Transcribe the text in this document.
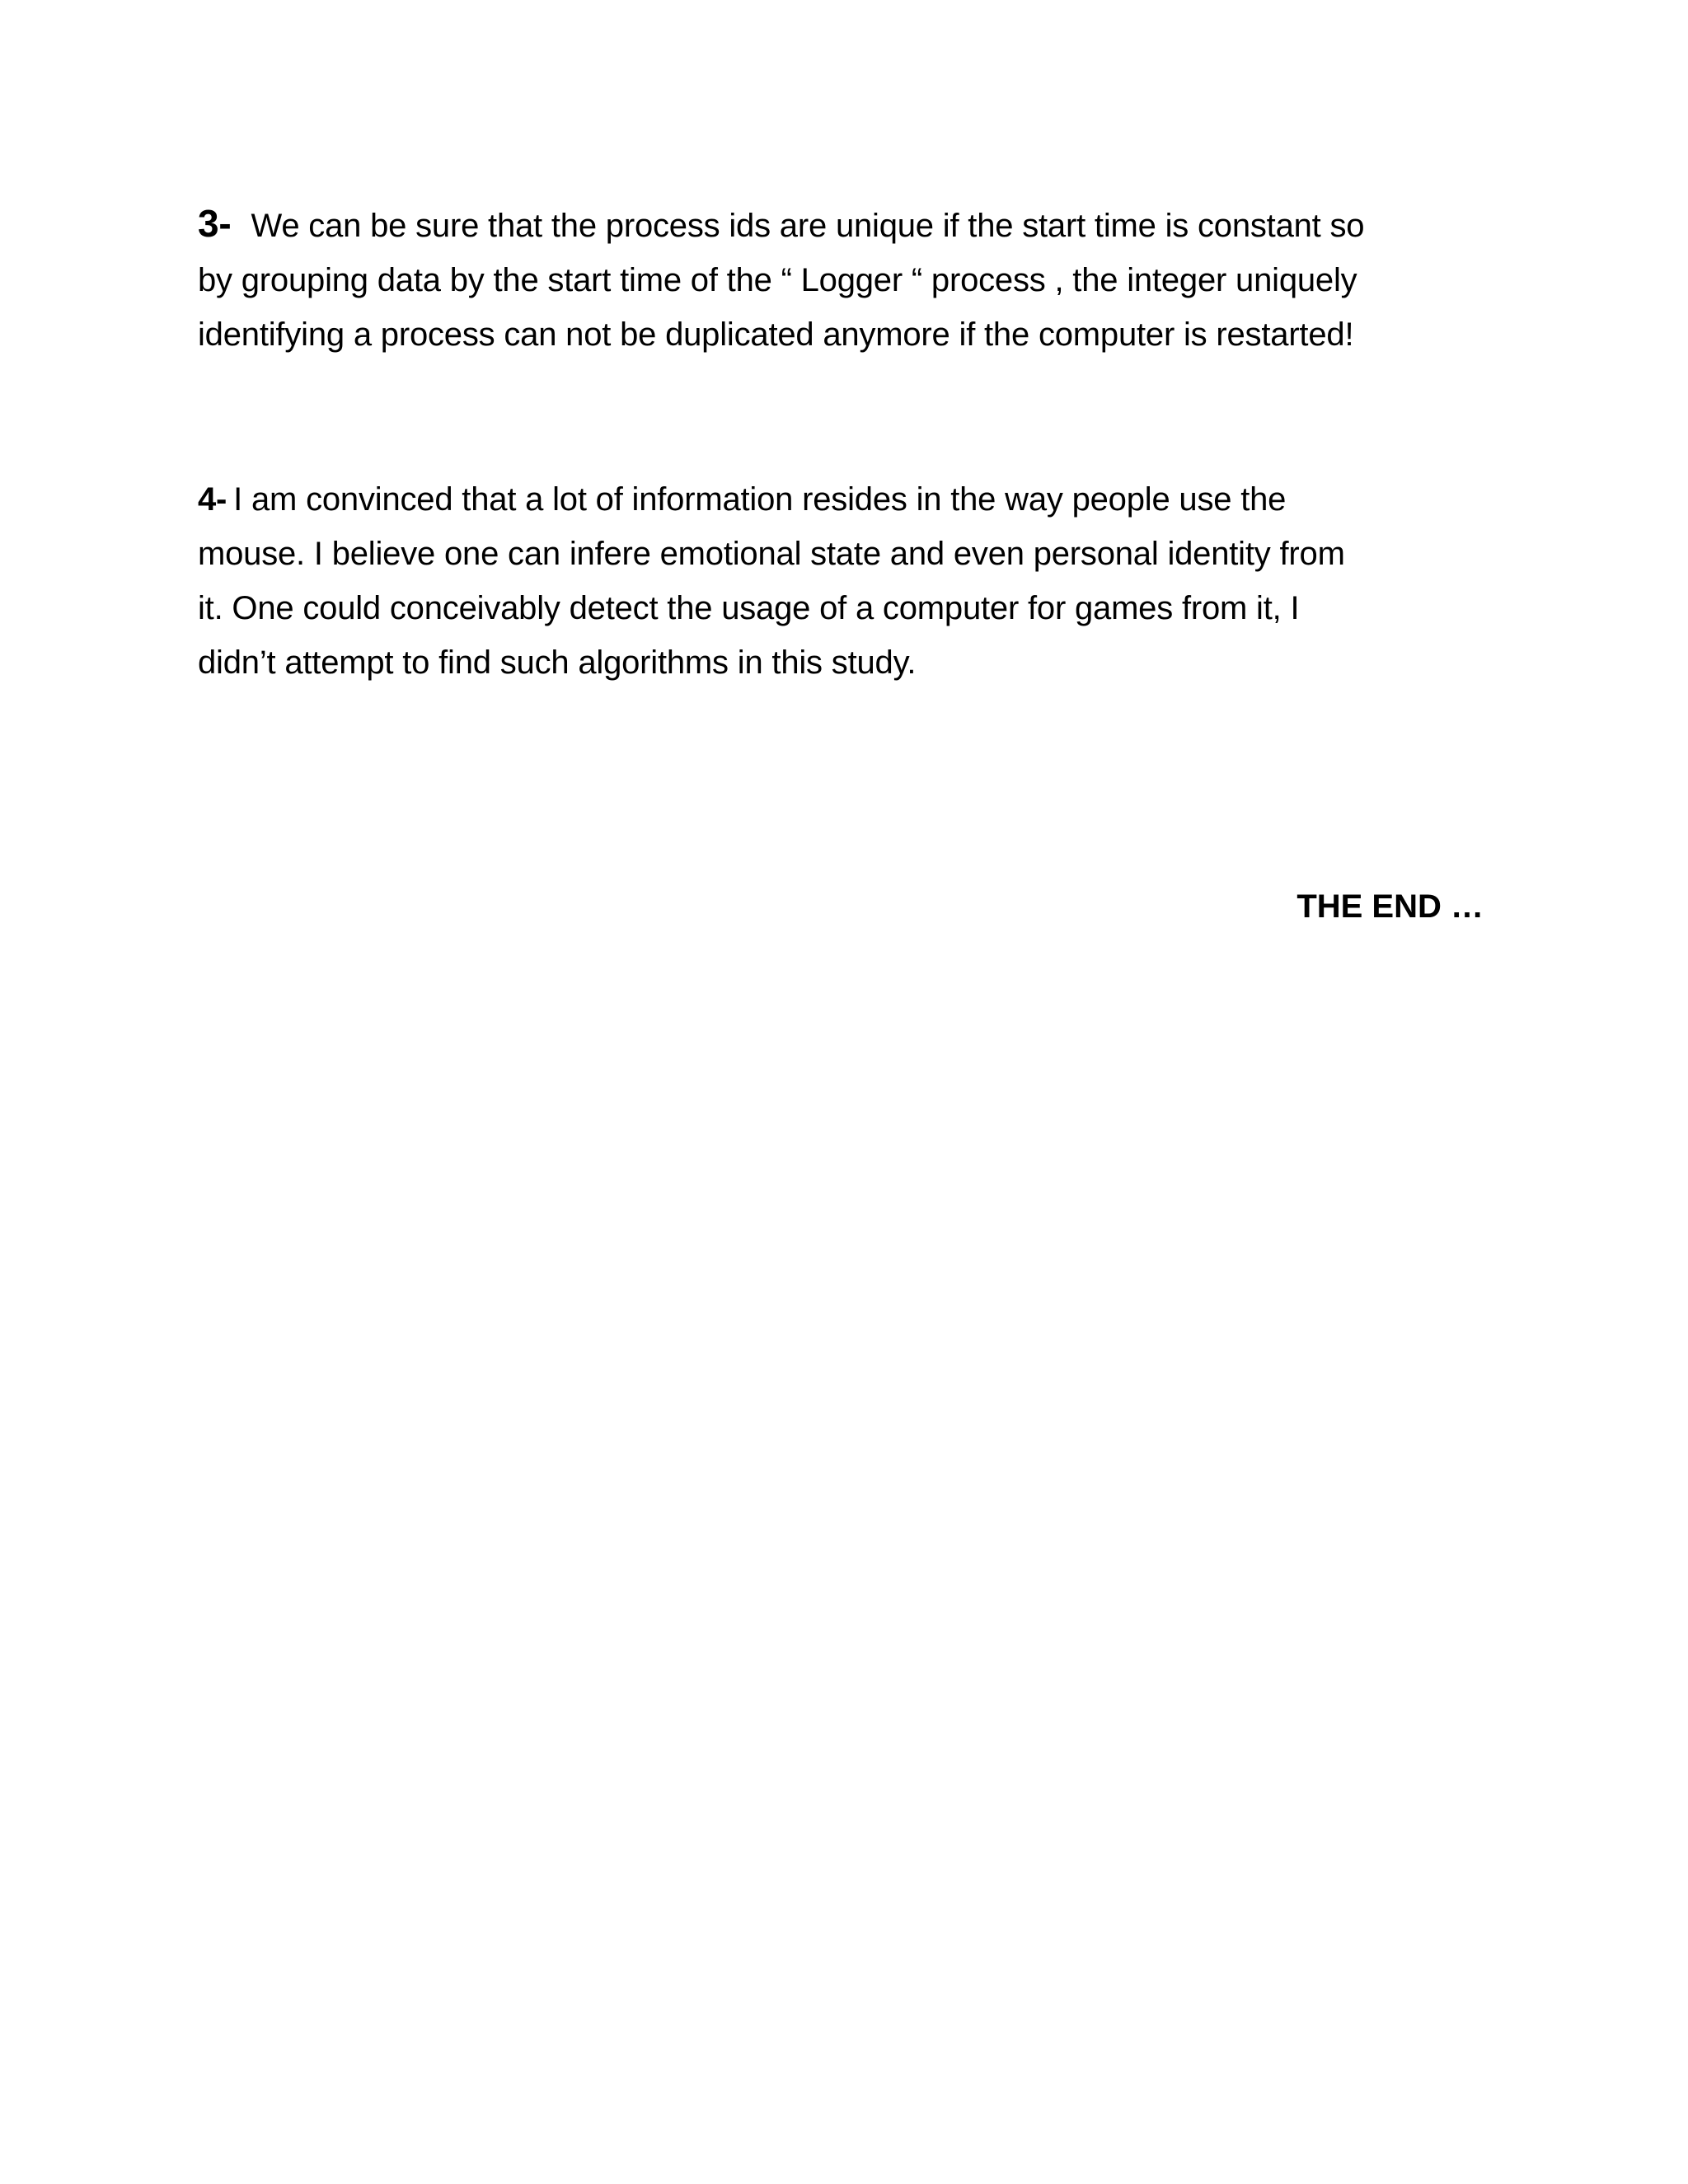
3- We can be sure that the process ids are unique if the start time is constant so
by grouping data by the start time of the “ Logger “ process , the integer uniquely
identifying a process can not be duplicated anymore if the computer is restarted!
4- I am convinced that a lot of information resides in the way people use the
mouse. I believe one can infere emotional state and even personal identity from
it. One could conceivably detect the usage of a computer for games from it, I
didn’t attempt to find such algorithms in this study.
THE END …
